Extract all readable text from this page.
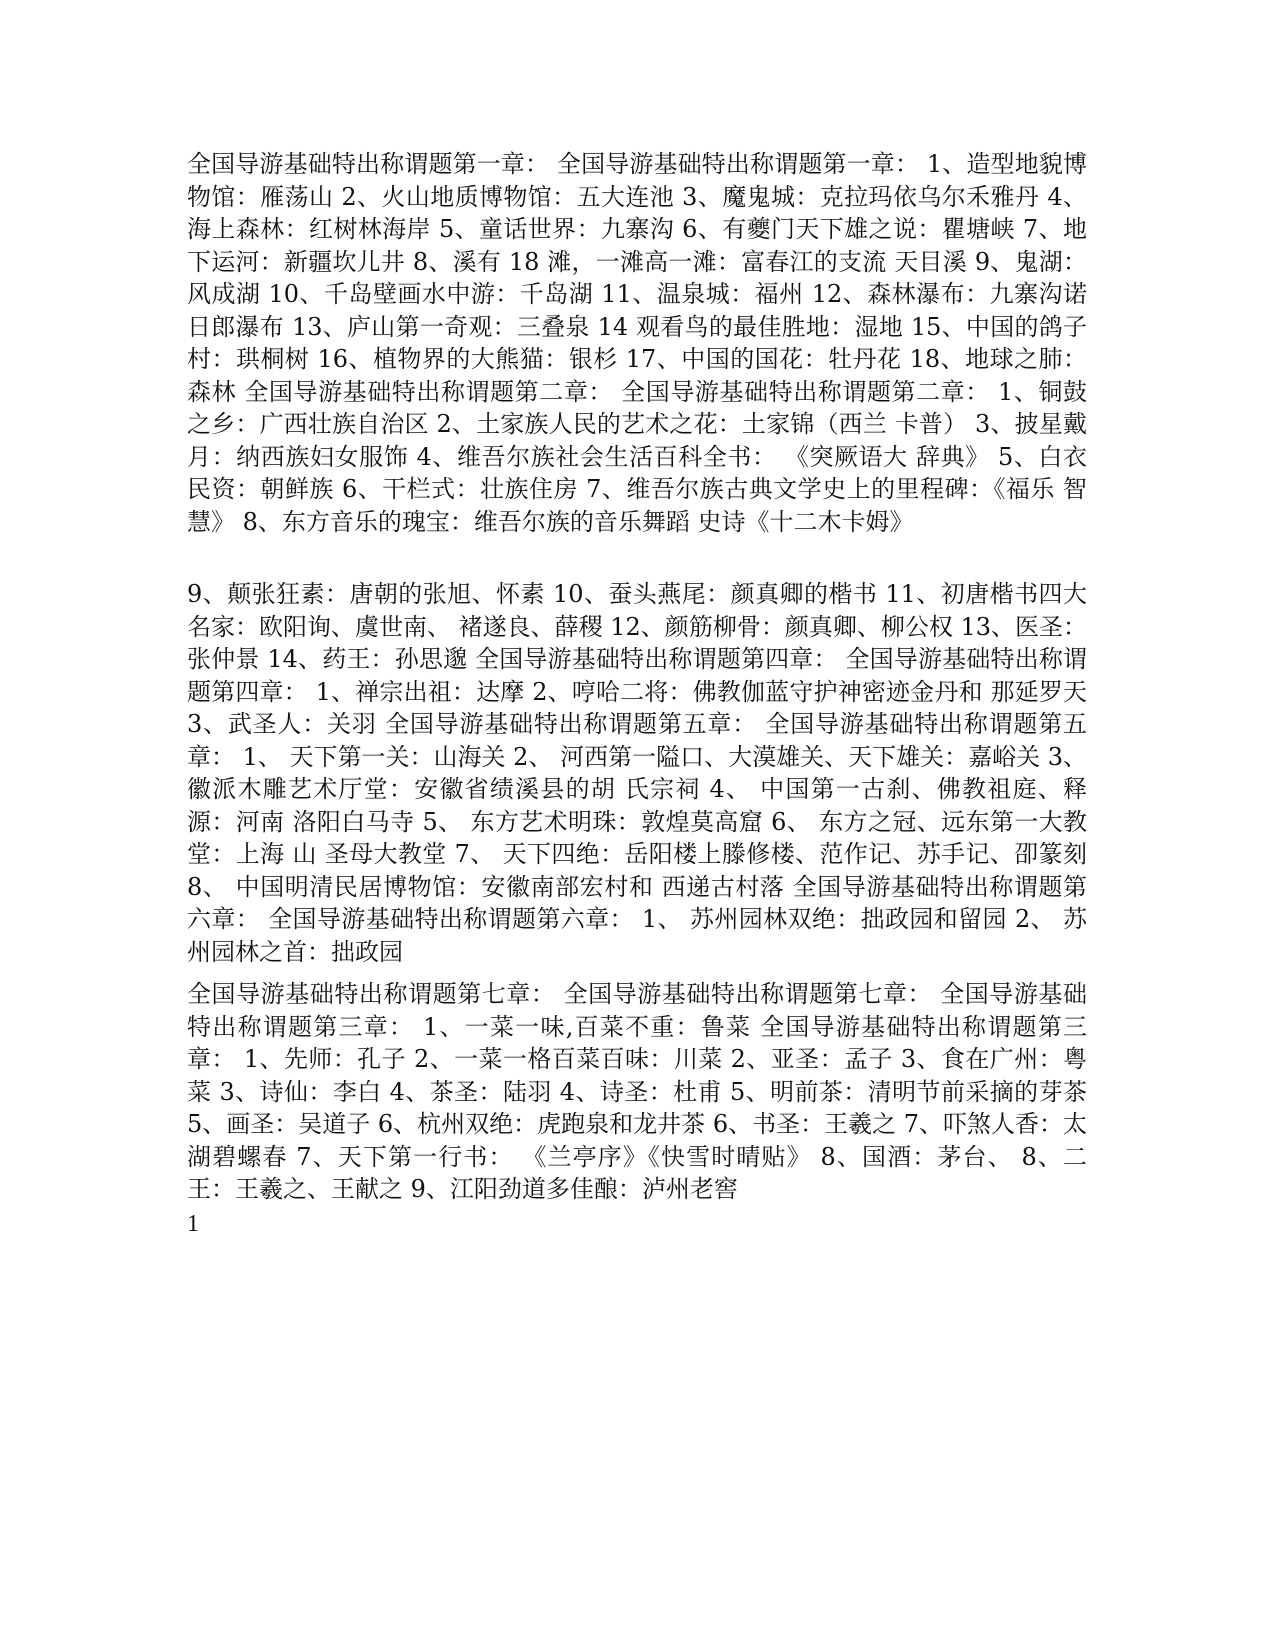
全国导游基础特出称谓题第一章： 全国导游基础特出称谓题第一章： 1、造型地貌博物馆：雁荡山 2、火山地质博物馆：五大连池 3、魔鬼城：克拉玛依乌尔禾雅丹 4、海上森林：红树林海岸 5、童话世界：九寨沟 6、有夔门天下雄之说：瞿塘峡 7、地下运河：新疆坎儿井 8、溪有 18 滩，一滩高一滩：富春江的支流 天目溪 9、鬼湖：风成湖 10、千岛壁画水中游：千岛湖 11、温泉城：福州 12、森林瀑布：九寨沟诺日郎瀑布 13、庐山第一奇观：三叠泉 14 观看鸟的最佳胜地：湿地 15、中国的鸽子村：珙桐树 16、植物界的大熊猫：银杉 17、中国的国花：牡丹花 18、地球之肺：森林 全国导游基础特出称谓题第二章： 全国导游基础特出称谓题第二章： 1、铜鼓之乡：广西壮族自治区 2、土家族人民的艺术之花：土家锦（西兰 卡普） 3、披星戴月：纳西族妇女服饰 4、维吾尔族社会生活百科全书： 《突厥语大 辞典》 5、白衣民资：朝鲜族 6、干栏式：壮族住房 7、维吾尔族古典文学史上的里程碑：《福乐 智慧》 8、东方音乐的瑰宝：维吾尔族的音乐舞蹈 史诗《十二木卡姆》

9、颠张狂素：唐朝的张旭、怀素 10、蚕头燕尾：颜真卿的楷书 11、初唐楷书四大名家：欧阳询、虞世南、 褚遂良、薛稷 12、颜筋柳骨：颜真卿、柳公权 13、医圣：张仲景 14、药王：孙思邈 全国导游基础特出称谓题第四章： 全国导游基础特出称谓题第四章： 1、禅宗出祖：达摩 2、哼哈二将：佛教伽蓝守护神密迹金丹和 那延罗天 3、武圣人：关羽 全国导游基础特出称谓题第五章： 全国导游基础特出称谓题第五章： 1、 天下第一关：山海关 2、 河西第一隘口、大漠雄关、天下雄关：嘉峪关 3、 徽派木雕艺术厅堂：安徽省绩溪县的胡 氏宗祠 4、 中国第一古刹、佛教祖庭、释源：河南 洛阳白马寺 5、 东方艺术明珠：敦煌莫高窟 6、 东方之冠、远东第一大教堂：上海 山 圣母大教堂 7、 天下四绝：岳阳楼上滕修楼、范作记、苏手记、卲篆刻 8、 中国明清民居博物馆：安徽南部宏村和 西递古村落 全国导游基础特出称谓题第六章： 全国导游基础特出称谓题第六章： 1、 苏州园林双绝：拙政园和留园 2、 苏州园林之首：拙政园

全国导游基础特出称谓题第七章： 全国导游基础特出称谓题第七章： 全国导游基础特出称谓题第三章： 1、一菜一味,百菜不重：鲁菜 全国导游基础特出称谓题第三章： 1、先师：孔子 2、一菜一格百菜百味：川菜 2、亚圣：孟子 3、食在广州：粤菜 3、诗仙：李白 4、茶圣：陆羽 4、诗圣：杜甫 5、明前茶：清明节前采摘的芽茶 5、画圣：吴道子 6、杭州双绝：虎跑泉和龙井茶 6、书圣：王羲之 7、吓煞人香：太湖碧螺春 7、天下第一行书： 《兰亭序》《快雪时晴贴》 8、国酒：茅台、 8、二王：王羲之、王献之 9、江阳劲道多佳酿：泸州老窖

1
